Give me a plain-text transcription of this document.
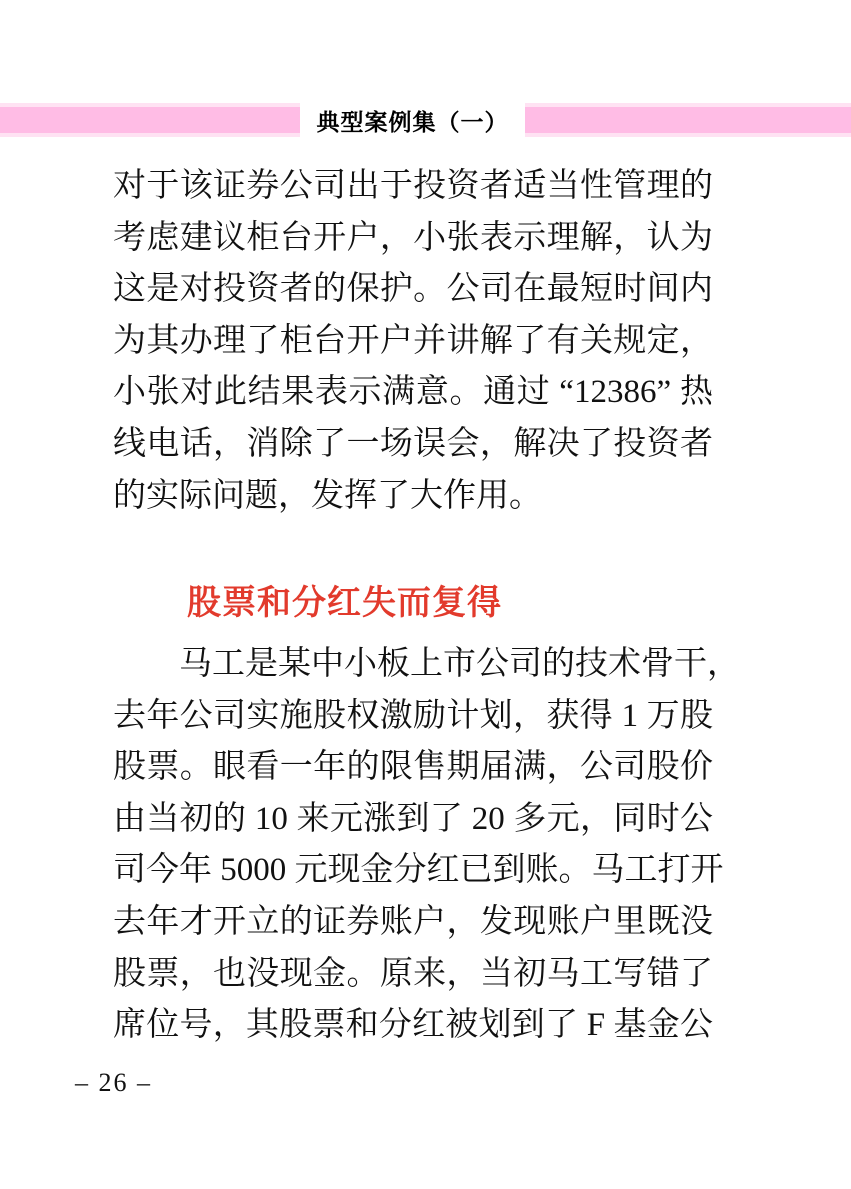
典型案例集（一）
对于该证券公司出于投资者适当性管理的
考虑建议柜台开户，小张表示理解，认为
这是对投资者的保护。公司在最短时间内
为其办理了柜台开户并讲解了有关规定，
小张对此结果表示满意。通过 “12386” 热
线电话，消除了一场误会，解决了投资者
的实际问题，发挥了大作用。
股票和分红失而复得
马工是某中小板上市公司的技术骨干，
去年公司实施股权激励计划，获得 1 万股
股票。眼看一年的限售期届满，公司股价
由当初的 10 来元涨到了 20 多元，同时公
司今年 5000 元现金分红已到账。马工打开
去年才开立的证券账户，发现账户里既没
股票，也没现金。原来，当初马工写错了
席位号，其股票和分红被划到了 F 基金公
– 26 –
